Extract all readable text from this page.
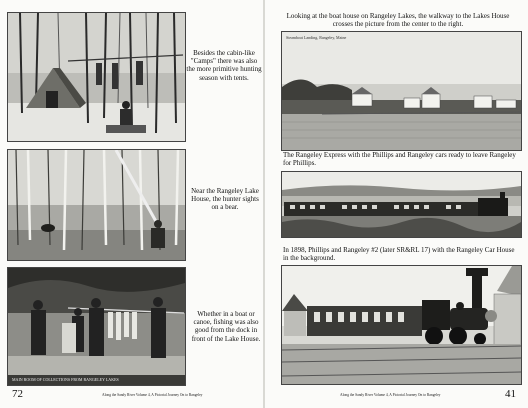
Besides the cabin-like "Camps" there was also the more primitive hunting season with tents.
Near the Rangeley Lake House, the hunter sights on a bear.
MAIN ROOM OF COLLECTIONS FROM RANGELEY LAKES
Whether in a boat or canoe, fishing was also good from the dock in front of the Lake House.
72	Along the Sandy River Volume 4, A Pictorial Journey On to Rangeley
Looking at the boat house on Rangeley Lakes, the walkway to the Lakes House crosses the picture from the center to the right.
Steamboat Landing, Rangeley, Maine
The Rangeley Express with the Phillips and Rangeley cars ready to leave Rangeley for Phillips.
In 1898, Phillips and Rangeley #2 (later SR&RL 17) with the Rangeley Car House in the background.
Along the Sandy River Volume 4, A Pictorial Journey On to Rangeley	41
